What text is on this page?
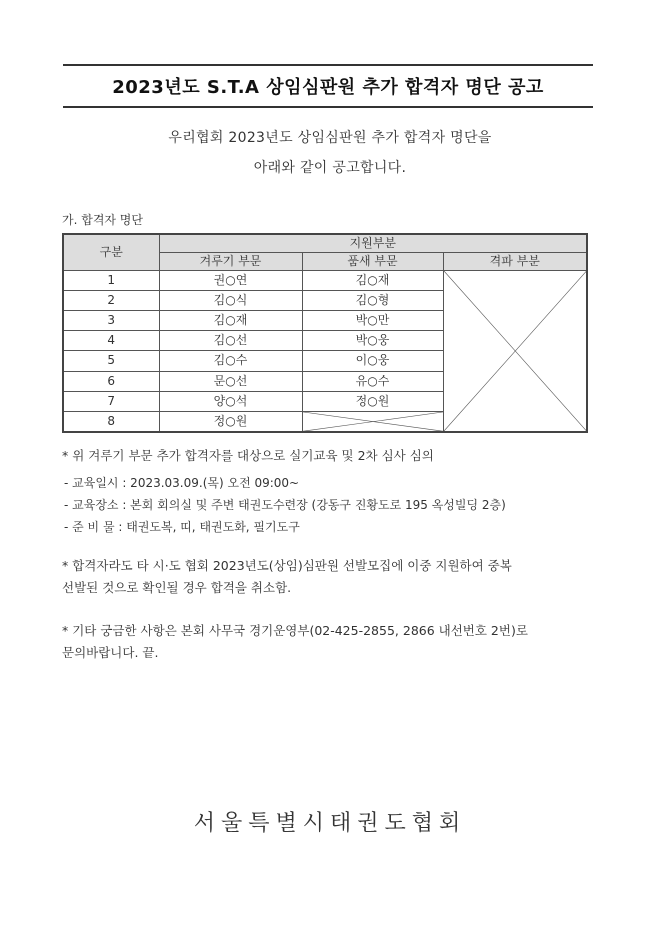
2023년도 S.T.A 상임심판원 추가 합격자 명단 공고
우리협회 2023년도 상임심판원 추가 합격자 명단을
아래와 같이 공고합니다.
가. 합격자 명단
구분	지원부분		
	겨루기 부문	품새 부문	격파 부분
1	권○연	김○재	

2	김○식	김○형	
3	김○재	박○만	
4	김○선	박○웅	
5	김○수	이○웅	
6	문○선	유○수	
7	양○석	정○원	
8	정○원	
* 위 겨루기 부문 추가 합격자를 대상으로 실기교육 및 2차 심사 심의
- 교육일시 : 2023.03.09.(목) 오전 09:00~
- 교육장소 : 본회 회의실 및 주변 태권도수련장 (강동구 진황도로 195 옥성빌딩 2층)
- 준 비 물 : 태권도복, 띠, 태권도화, 필기도구
* 합격자라도 타 시·도 협회 2023년도(상임)심판원 선발모집에 이중 지원하여 중복
선발된 것으로 확인될 경우 합격을 취소함.
* 기타 궁금한 사항은 본회 사무국 경기운영부(02-425-2855, 2866 내선번호 2번)로
문의바랍니다. 끝.
서울특별시태권도협회
